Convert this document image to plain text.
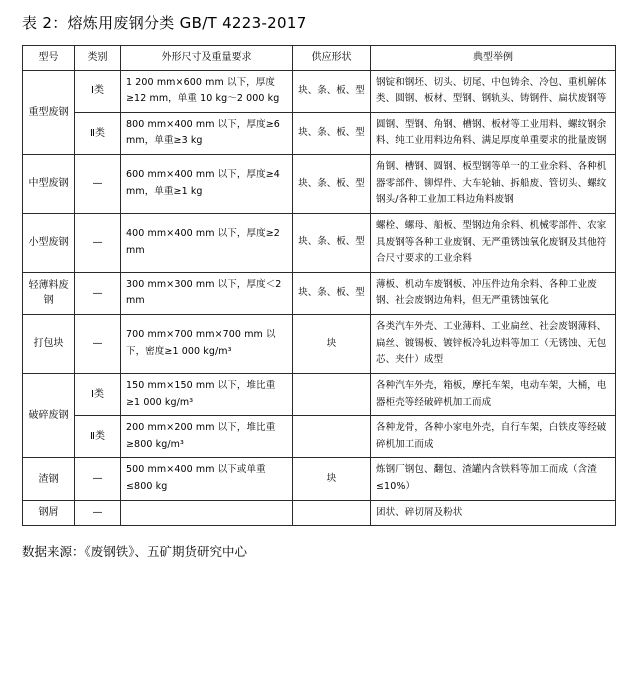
表 2：熔炼用废钢分类 GB/T 4223-2017
型号	类别	外形尺寸及重量要求	供应形状	典型举例
重型废钢	Ⅰ类	1 200 mm×600 mm 以下，厚度≥12 mm，单重 10 kg～2 000 kg	块、条、板、型	钢锭和钢坯、切头、切尾、中包铸余、冷包、重机解体类、圆钢、板材、型钢、钢轨头、铸钢件、扁状废钢等
	Ⅱ类	800 mm×400 mm 以下，厚度≥6 mm，单重≥3 kg	块、条、板、型	圆钢、型钢、角钢、槽钢、板材等工业用料、螺纹钢余料、纯工业用料边角料、满足厚度单重要求的批量废钢
中型废钢	—	600 mm×400 mm 以下，厚度≥4 mm，单重≥1 kg	块、条、板、型	角钢、槽钢、圆钢、板型钢等单一的工业余料、各种机器零部件、铆焊件、大车轮轴、拆船废、管切头、螺纹钢头/各种工业加工料边角料废钢
小型废钢	—	400 mm×400 mm 以下，厚度≥2 mm	块、条、板、型	螺栓、螺母、船板、型钢边角余料、机械零部件、农家具废钢等各种工业废钢、无严重锈蚀氧化废钢及其他符合尺寸要求的工业余料
轻薄料废钢	—	300 mm×300 mm 以下，厚度＜2 mm	块、条、板、型	薄板、机动车废钢板、冲压件边角余料、各种工业废钢、社会废钢边角料，但无严重锈蚀氧化
打包块	—	700 mm×700 mm×700 mm 以下，密度≥1 000 kg/m³	块	各类汽车外壳、工业薄料、工业扁丝、社会废钢薄料、扁丝、镀锡板、镀锌板冷轧边料等加工（无锈蚀、无包芯、夹什）成型
破碎废钢	Ⅰ类	150 mm×150 mm 以下，堆比重≥1 000 kg/m³		各种汽车外壳，箱板，摩托车架，电动车架，大桶，电器柜壳等经破碎机加工而成
	Ⅱ类	200 mm×200 mm 以下，堆比重≥800 kg/m³		各种龙骨，各种小家电外壳，自行车架，白铁皮等经破碎机加工而成
渣钢	—	500 mm×400 mm 以下或单重≤800 kg	块	炼钢厂钢包、翻包、渣罐内含铁料等加工而成（含渣≤10%）
钢屑	—			团状、碎切屑及粉状
数据来源：《废钢铁》、五矿期货研究中心
